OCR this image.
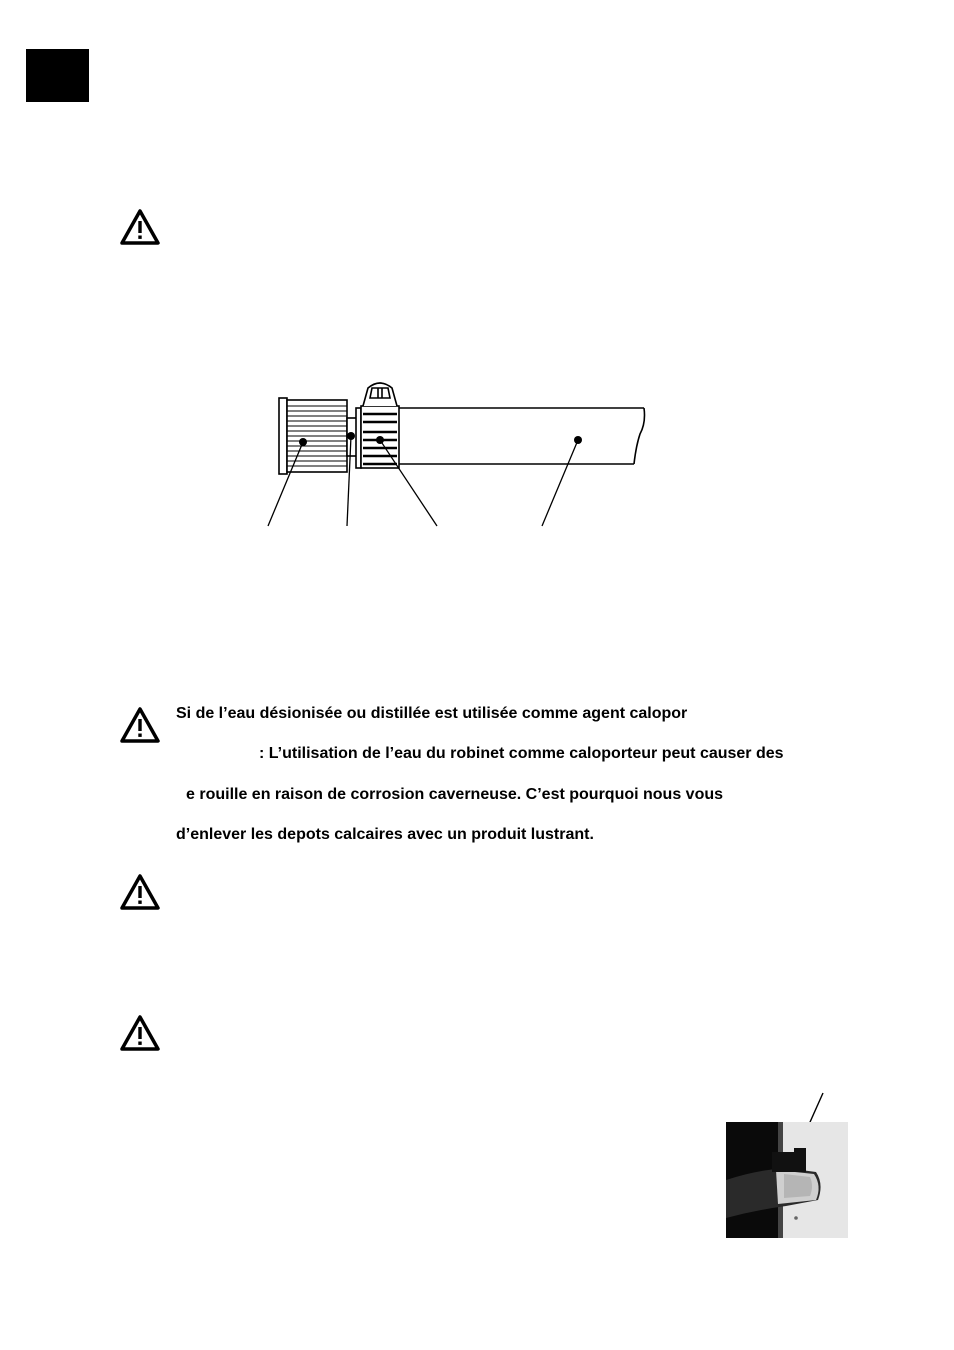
Si de l’eau désionisée ou distillée est utilisée comme agent calopor
: L’utilisation de l’eau du robinet comme caloporteur peut causer des
e rouille en raison de corrosion caverneuse. C’est pourquoi nous vous
d’enlever les depots calcaires avec un produit lustrant.
